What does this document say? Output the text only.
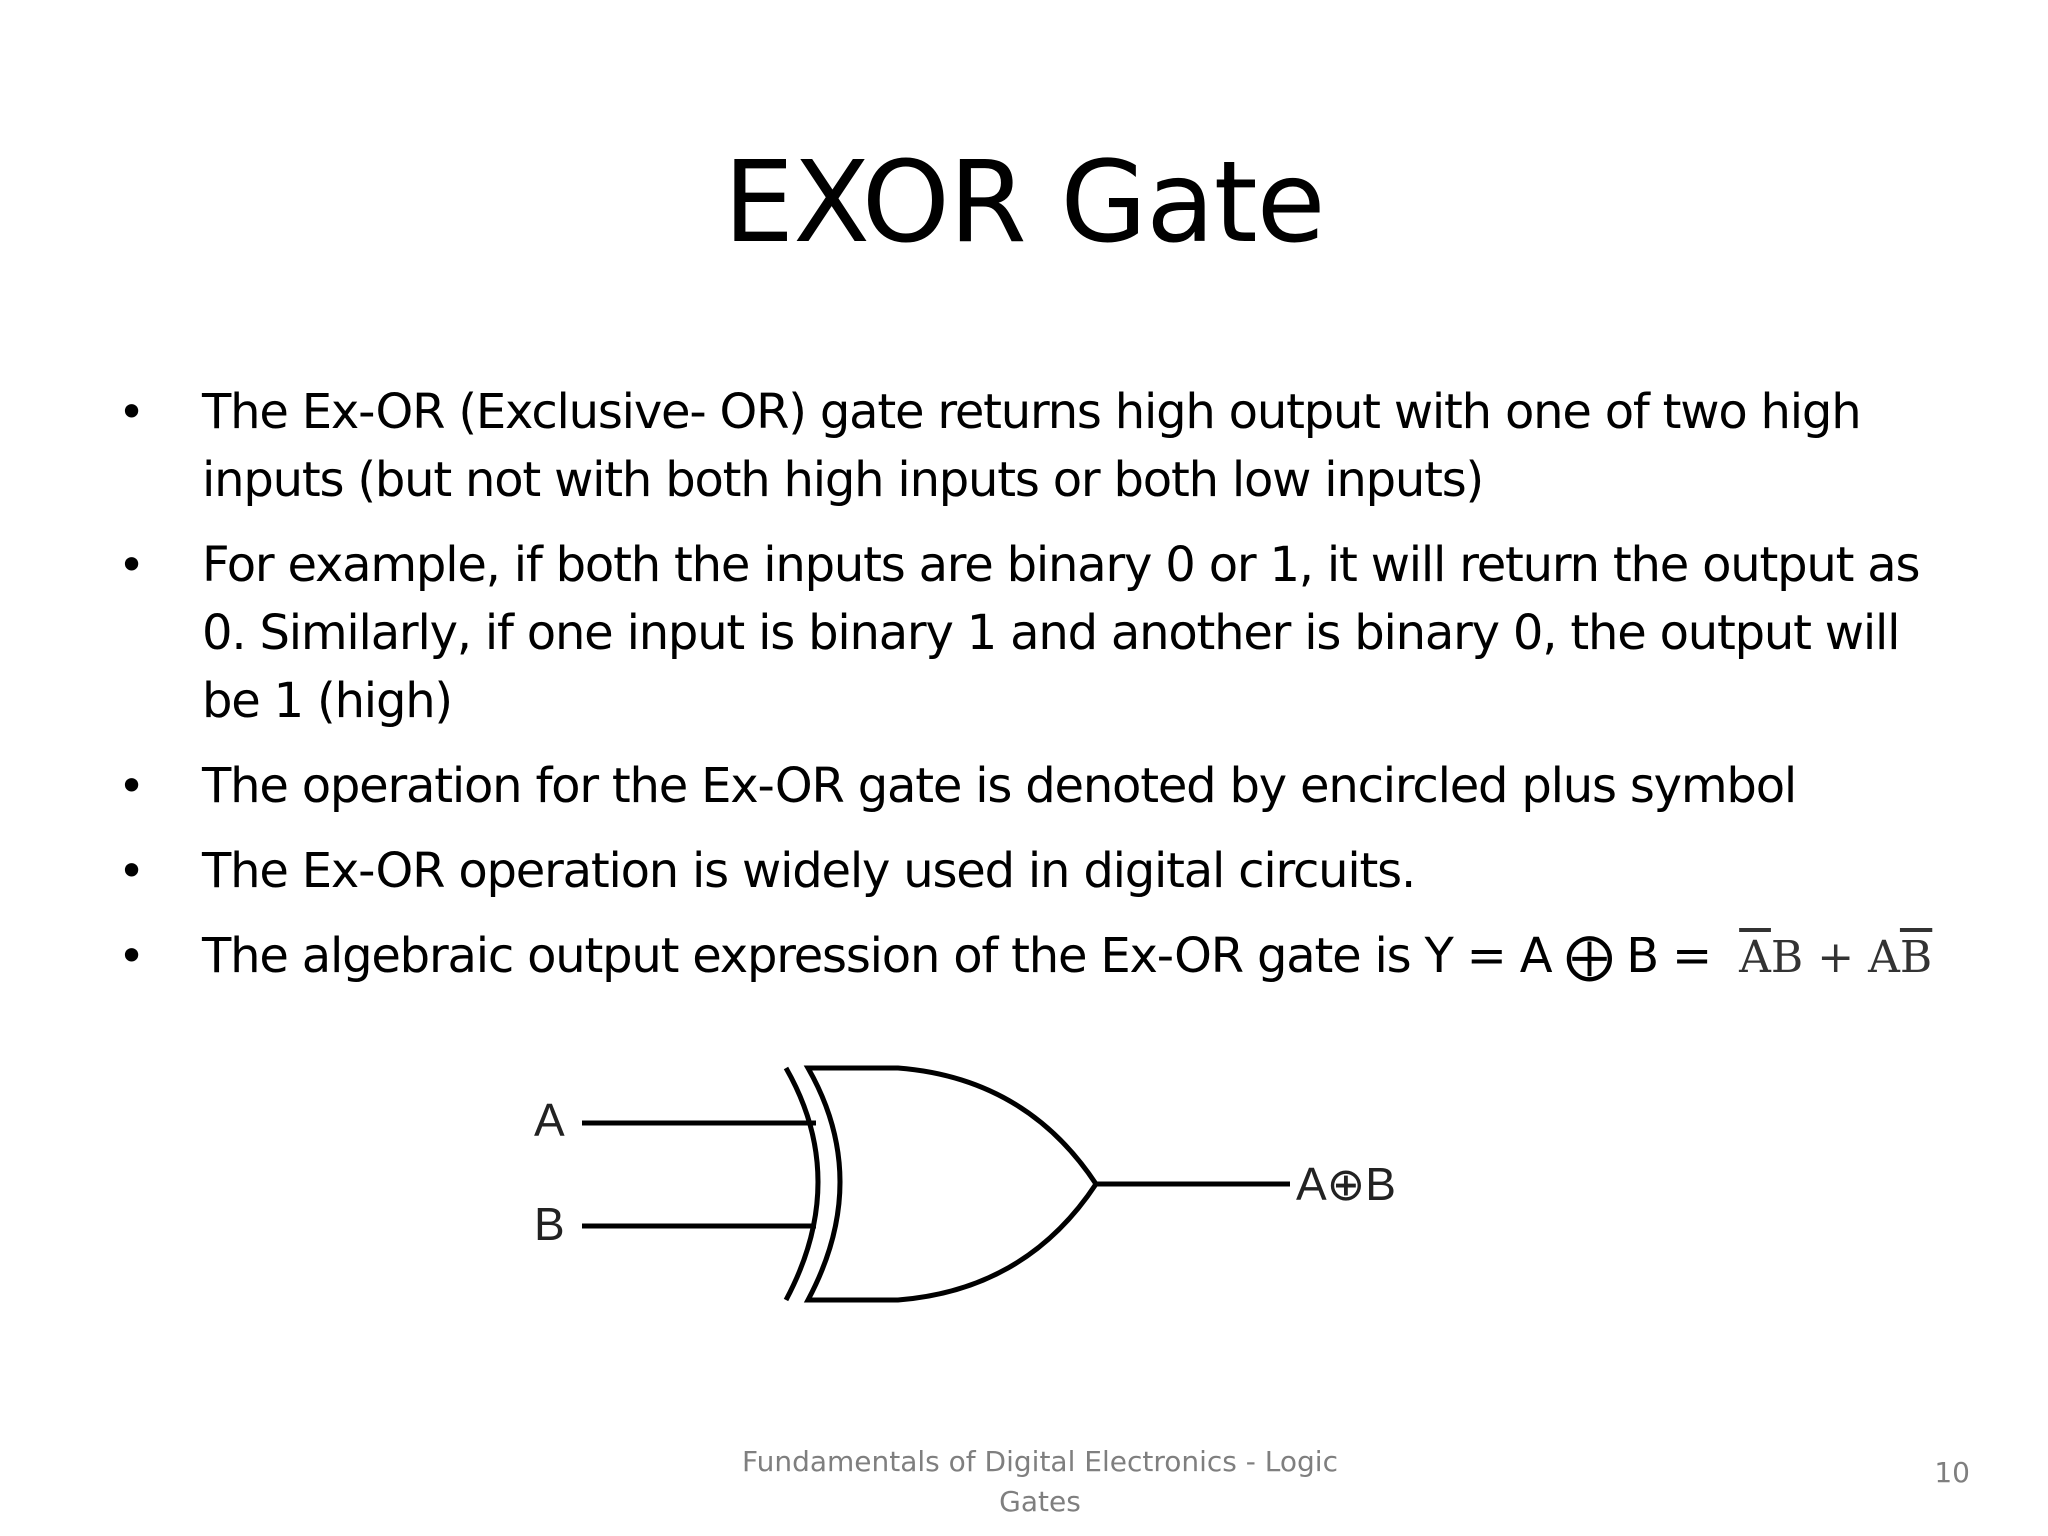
EXOR Gate
• The Ex-OR (Exclusive- OR) gate returns high output with one of two high inputs (but not with both high inputs or both low inputs)
• For example, if both the inputs are binary 0 or 1, it will return the output as 0. Similarly, if one input is binary 1 and another is binary 0, the output will be 1 (high)
• The operation for the Ex-OR gate is denoted by encircled plus symbol
• The Ex-OR operation is widely used in digital circuits.
• The algebraic output expression of the Ex-OR gate is Y = A ⨁ $B = \overline{A}B + A\overline{B}$
A
B
A⊕B
Fundamentals of Digital Electronics - Logic Gates
10
